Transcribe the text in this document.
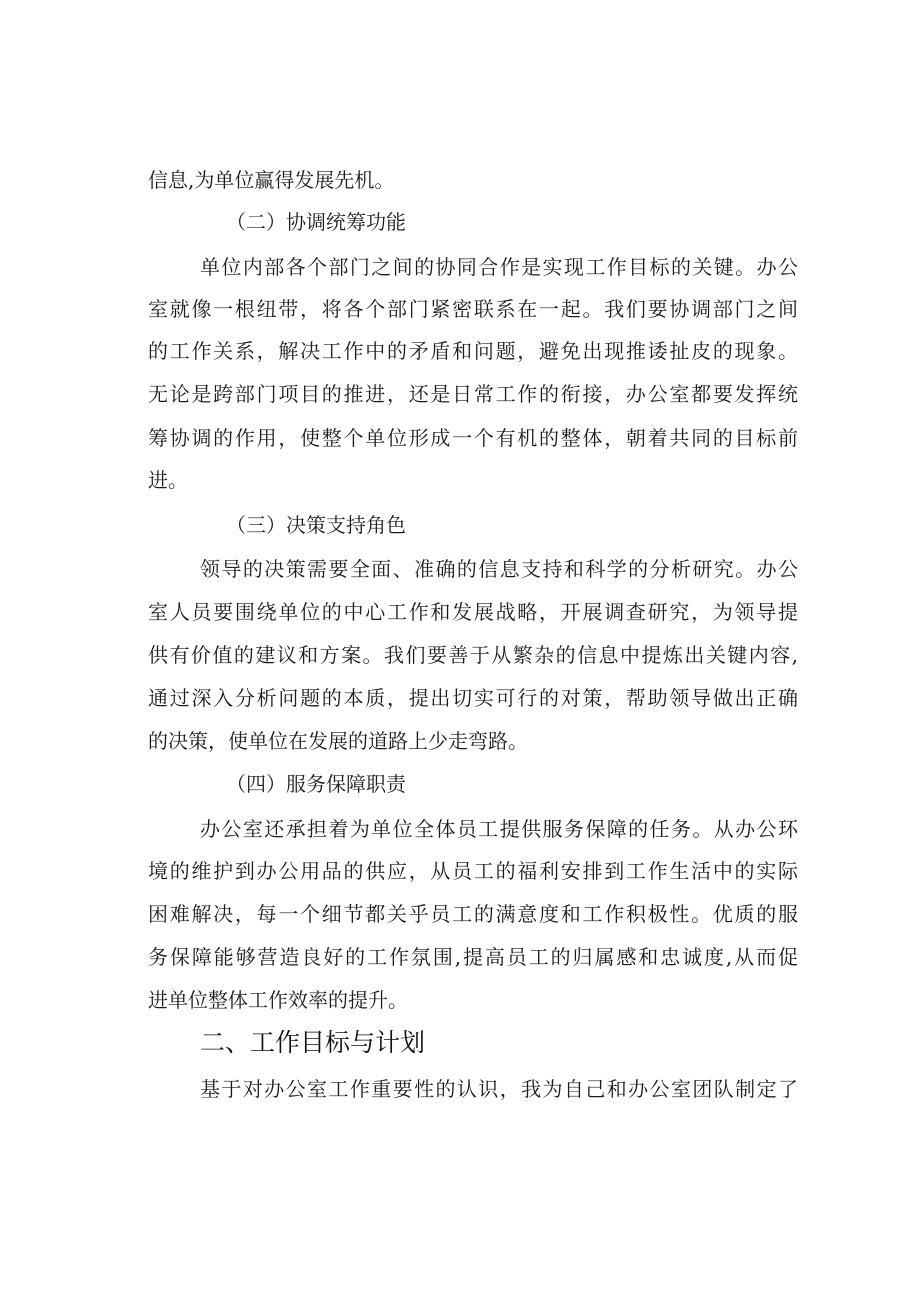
信息,为单位赢得发展先机。

（二）协调统筹功能

单位内部各个部门之间的协同合作是实现工作目标的关键。办公

室就像一根纽带，将各个部门紧密联系在一起。我们要协调部门之间

的工作关系，解决工作中的矛盾和问题，避免出现推诿扯皮的现象。

无论是跨部门项目的推进，还是日常工作的衔接，办公室都要发挥统

筹协调的作用，使整个单位形成一个有机的整体，朝着共同的目标前

进。

（三）决策支持角色

领导的决策需要全面、准确的信息支持和科学的分析研究。办公

室人员要围绕单位的中心工作和发展战略，开展调查研究，为领导提

供有价值的建议和方案。我们要善于从繁杂的信息中提炼出关键内容,

通过深入分析问题的本质，提出切实可行的对策，帮助领导做出正确

的决策，使单位在发展的道路上少走弯路。

（四）服务保障职责

办公室还承担着为单位全体员工提供服务保障的任务。从办公环

境的维护到办公用品的供应，从员工的福利安排到工作生活中的实际

困难解决，每一个细节都关乎员工的满意度和工作积极性。优质的服

务保障能够营造良好的工作氛围,提高员工的归属感和忠诚度,从而促

进单位整体工作效率的提升。

二、工作目标与计划

基于对办公室工作重要性的认识，我为自己和办公室团队制定了
